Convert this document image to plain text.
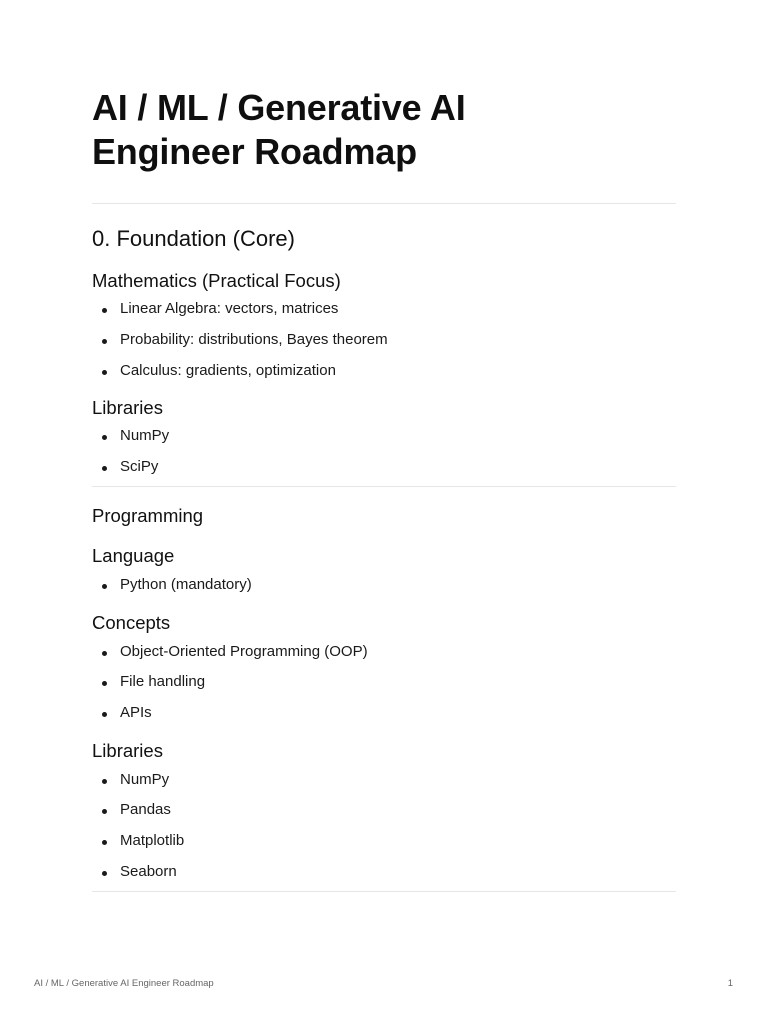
AI / ML / Generative AI
Engineer Roadmap
0. Foundation (Core)
Mathematics (Practical Focus)
Linear Algebra: vectors, matrices
Probability: distributions, Bayes theorem
Calculus: gradients, optimization
Libraries
NumPy
SciPy
Programming
Language
Python (mandatory)
Concepts
Object-Oriented Programming (OOP)
File handling
APIs
Libraries
NumPy
Pandas
Matplotlib
Seaborn
AI / ML / Generative AI Engineer Roadmap	1
